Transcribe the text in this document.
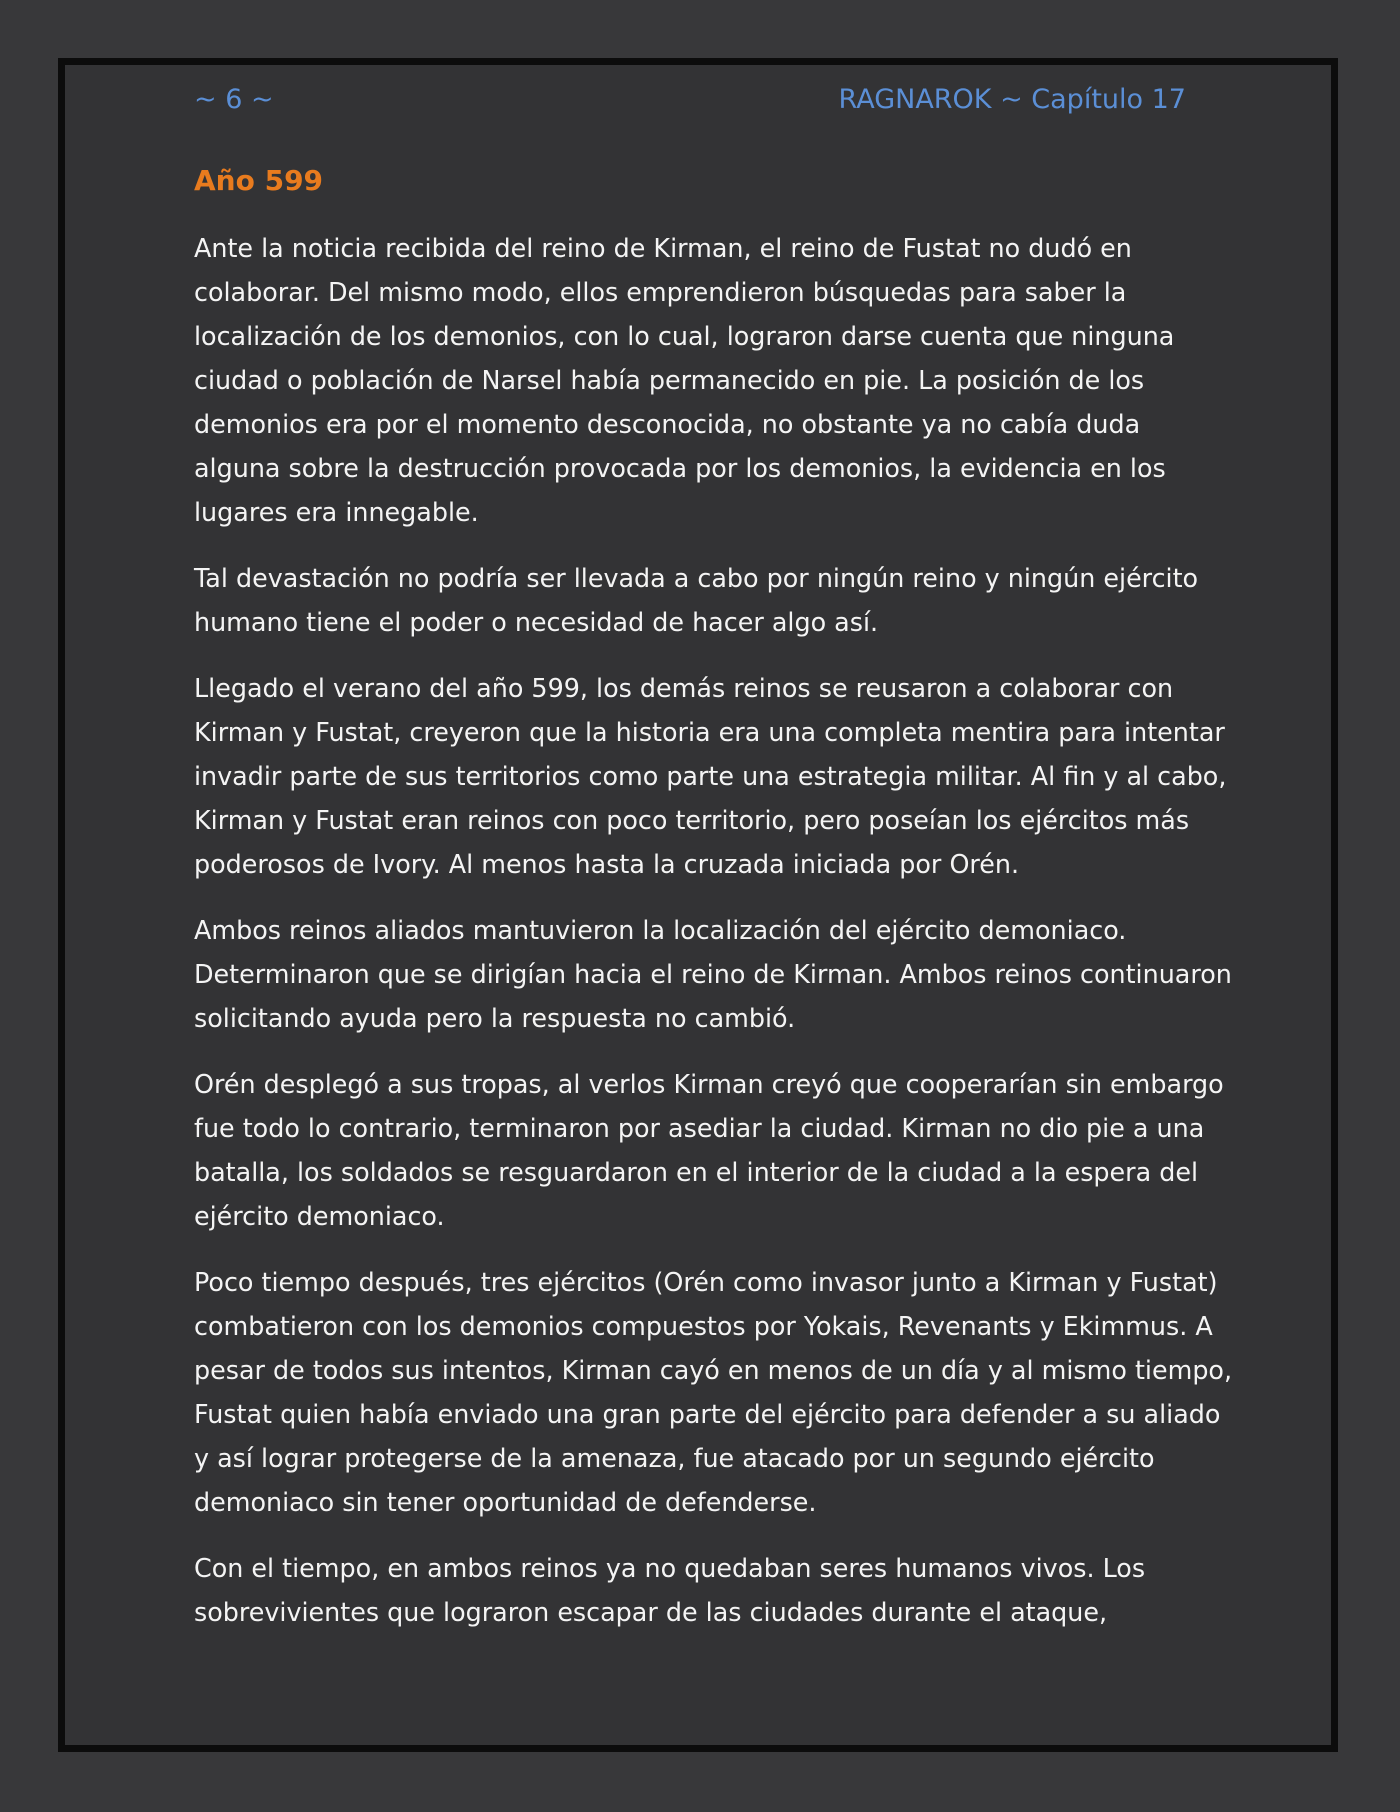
~ 6 ~	RAGNAROK ~ Capítulo 17
Año 599

Ante la noticia recibida del reino de Kirman, el reino de Fustat no dudó en colaborar. Del mismo modo, ellos emprendieron búsquedas para saber la localización de los demonios, con lo cual, lograron darse cuenta que ninguna ciudad o población de Narsel había permanecido en pie. La posición de los demonios era por el momento desconocida, no obstante ya no cabía duda alguna sobre la destrucción provocada por los demonios, la evidencia en los lugares era innegable.

Tal devastación no podría ser llevada a cabo por ningún reino y ningún ejército humano tiene el poder o necesidad de hacer algo así.

Llegado el verano del año 599, los demás reinos se reusaron a colaborar con Kirman y Fustat, creyeron que la historia era una completa mentira para intentar invadir parte de sus territorios como parte una estrategia militar. Al fin y al cabo, Kirman y Fustat eran reinos con poco territorio, pero poseían los ejércitos más poderosos de Ivory. Al menos hasta la cruzada iniciada por Orén.

Ambos reinos aliados mantuvieron la localización del ejército demoniaco. Determinaron que se dirigían hacia el reino de Kirman. Ambos reinos continuaron solicitando ayuda pero la respuesta no cambió.

Orén desplegó a sus tropas, al verlos Kirman creyó que cooperarían sin embargo fue todo lo contrario, terminaron por asediar la ciudad. Kirman no dio pie a una batalla, los soldados se resguardaron en el interior de la ciudad a la espera del ejército demoniaco.

Poco tiempo después, tres ejércitos (Orén como invasor junto a Kirman y Fustat) combatieron con los demonios compuestos por Yokais, Revenants y Ekimmus. A pesar de todos sus intentos, Kirman cayó en menos de un día y al mismo tiempo, Fustat quien había enviado una gran parte del ejército para defender a su aliado y así lograr protegerse de la amenaza, fue atacado por un segundo ejército demoniaco sin tener oportunidad de defenderse.

Con el tiempo, en ambos reinos ya no quedaban seres humanos vivos. Los sobrevivientes que lograron escapar de las ciudades durante el ataque,
